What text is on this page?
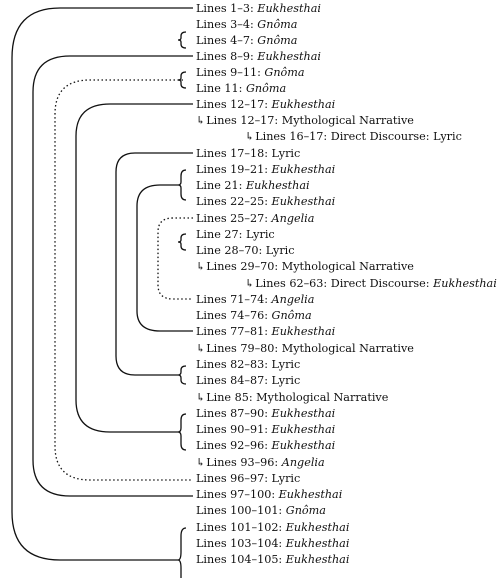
Lines 1–3: Eukhesthai
Lines 3–4: Gnôma
Lines 4–7: Gnôma
Lines 8–9: Eukhesthai
Lines 9–11: Gnôma
Line 11: Gnôma
Lines 12–17: Eukhesthai
↳Lines 12–17: Mythological Narrative
↳Lines 16–17: Direct Discourse: Lyric
Lines 17–18: Lyric
Lines 19–21: Eukhesthai
Line 21: Eukhesthai
Lines 22–25: Eukhesthai
Lines 25–27: Angelia
Line 27: Lyric
Line 28–70: Lyric
↳Lines 29–70: Mythological Narrative
↳Lines 62–63: Direct Discourse: Eukhesthai
Lines 71–74: Angelia
Lines 74–76: Gnôma
Lines 77–81: Eukhesthai
↳Lines 79–80: Mythological Narrative
Lines 82–83: Lyric
Lines 84–87: Lyric
↳Line 85: Mythological Narrative
Lines 87–90: Eukhesthai
Lines 90–91: Eukhesthai
Lines 92–96: Eukhesthai
↳Lines 93–96: Angelia
Lines 96–97: Lyric
Lines 97–100: Eukhesthai
Lines 100–101: Gnôma
Lines 101–102: Eukhesthai
Lines 103–104: Eukhesthai
Lines 104–105: Eukhesthai
